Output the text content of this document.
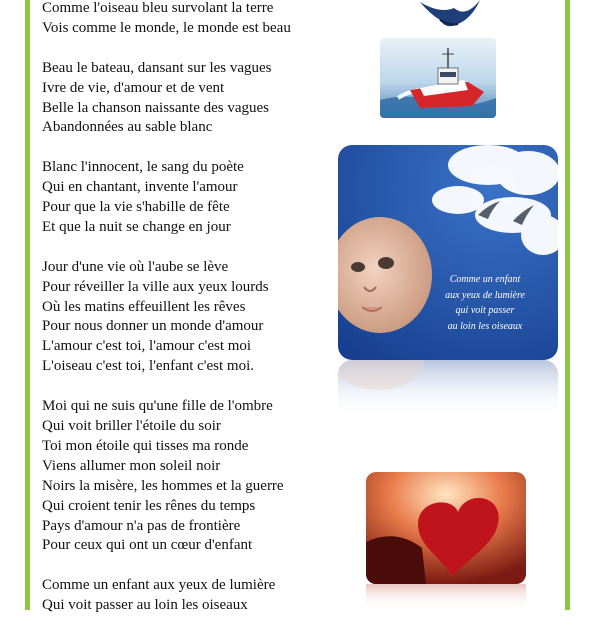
Comme l'oiseau bleu survolant la terre
Vois comme le monde, le monde est beau
Beau le bateau, dansant sur les vagues
Ivre de vie, d'amour et de vent
Belle la chanson naissante des vagues
Abandonnées au sable blanc
Blanc l'innocent, le sang du poète
Qui en chantant, invente l'amour
Pour que la vie s'habille de fête
Et que la nuit se change en jour
Jour d'une vie où l'aube se lève
Pour réveiller la ville aux yeux lourds
Où les matins effeuillent les rêves
Pour nous donner un monde d'amour
L'amour c'est toi, l'amour c'est moi
L'oiseau c'est toi, l'enfant c'est moi.
Moi qui ne suis qu'une fille de l'ombre
Qui voit briller l'étoile du soir
Toi mon étoile qui tisses ma ronde
Viens allumer mon soleil noir
Noirs la misère, les hommes et la guerre
Qui croient tenir les rênes du temps
Pays d'amour n'a pas de frontière
Pour ceux qui ont un cœur d'enfant
Comme un enfant aux yeux de lumière
Qui voit passer au loin les oiseaux
Comme un enfant
aux yeux de lumière
qui voit passer
au loin les oiseaux
